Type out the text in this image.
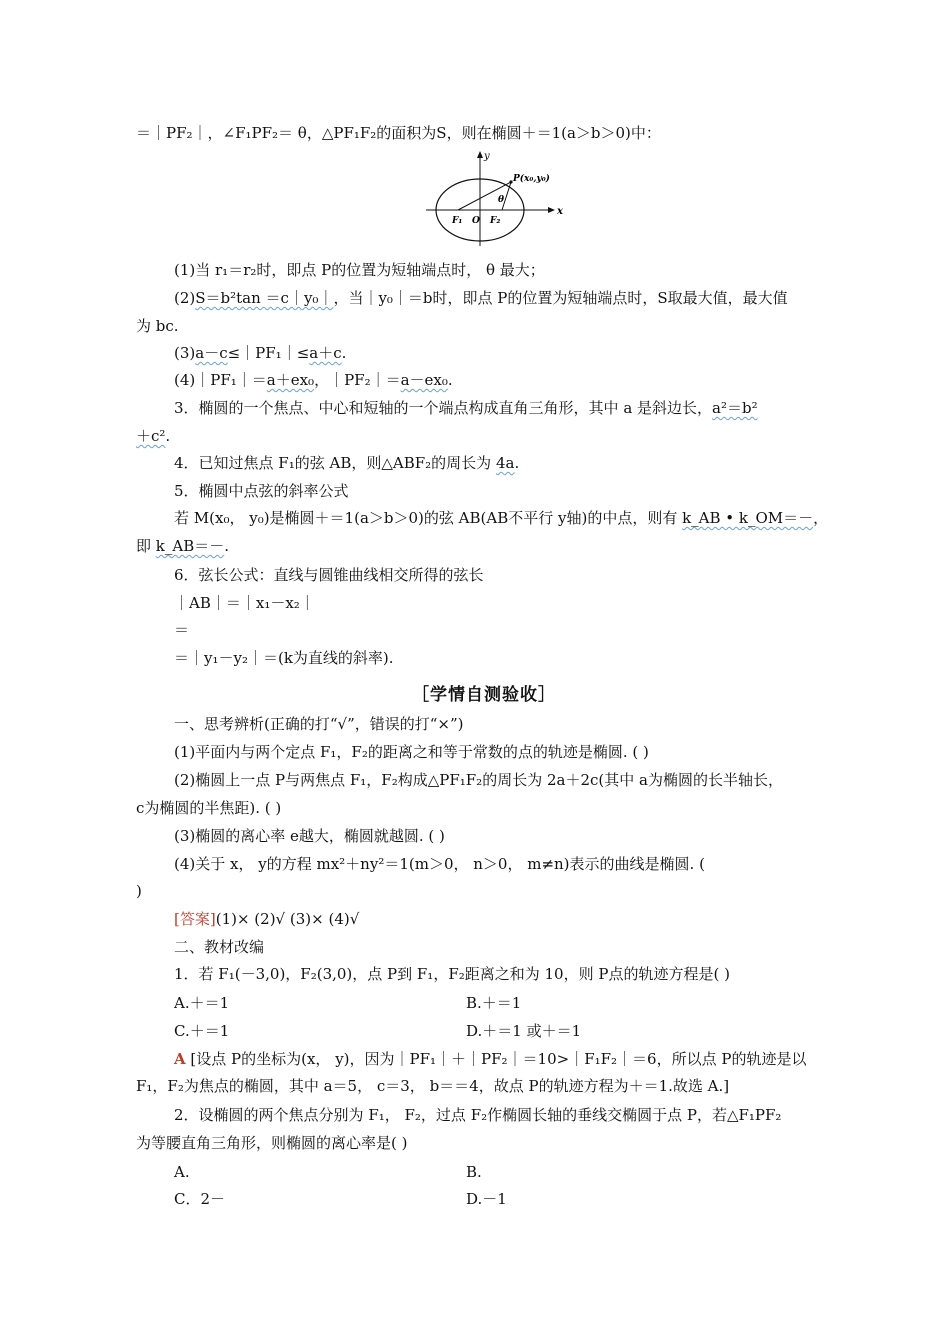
＝｜PF₂｜，∠F₁PF₂＝ θ，△PF₁F₂的面积为S，则在椭圆＋＝1(a＞b＞0)中：
y
x
P(x₀,y₀)
θ
F₁ O F₂
(1)当 r₁＝r₂时，即点 P的位置为短轴端点时， θ 最大；
(2)S＝b²tan ＝c｜y₀｜，当｜y₀｜＝b时，即点 P的位置为短轴端点时，S取最大值，最大值
为 bc.
(3)a－c≤｜PF₁｜≤a＋c.
(4)｜PF₁｜＝a＋ex₀，｜PF₂｜＝a－ex₀.
3．椭圆的一个焦点、中心和短轴的一个端点构成直角三角形，其中 a 是斜边长，a²＝b²
＋c².
4．已知过焦点 F₁的弦 AB，则△ABF₂的周长为 4a.
5．椭圆中点弦的斜率公式
若 M(x₀， y₀)是椭圆＋＝1(a＞b＞0)的弦 AB(AB不平行 y轴)的中点，则有 k_AB • k_OM＝－，
即 k_AB＝－.
6．弦长公式：直线与圆锥曲线相交所得的弦长
｜AB｜＝｜x₁－x₂｜
＝
＝｜y₁－y₂｜＝(k为直线的斜率).
［学情自测验收］
一、思考辨析(正确的打“√”，错误的打“×”)
(1)平面内与两个定点 F₁，F₂的距离之和等于常数的点的轨迹是椭圆. ( )
(2)椭圆上一点 P与两焦点 F₁，F₂构成△PF₁F₂的周长为 2a＋2c(其中 a为椭圆的长半轴长，
c为椭圆的半焦距). ( )
(3)椭圆的离心率 e越大，椭圆就越圆. ( )
(4)关于 x， y的方程 mx²＋ny²＝1(m＞0， n＞0， m≠n)表示的曲线是椭圆. (
)
[答案](1)× (2)√ (3)× (4)√
二、教材改编
1．若 F₁(－3,0)，F₂(3,0)，点 P到 F₁，F₂距离之和为 10，则 P点的轨迹方程是( )
A.＋＝1	B.＋＝1
C.＋＝1	D.＋＝1 或＋＝1
A [设点 P的坐标为(x， y)，因为｜PF₁｜＋｜PF₂｜＝10>｜F₁F₂｜＝6，所以点 P的轨迹是以
F₁，F₂为焦点的椭圆，其中 a＝5， c＝3， b＝＝4，故点 P的轨迹方程为＋＝1.故选 A.]
2．设椭圆的两个焦点分别为 F₁， F₂，过点 F₂作椭圆长轴的垂线交椭圆于点 P，若△F₁PF₂
为等腰直角三角形，则椭圆的离心率是( )
A.	B.
C．2－	D.－1
